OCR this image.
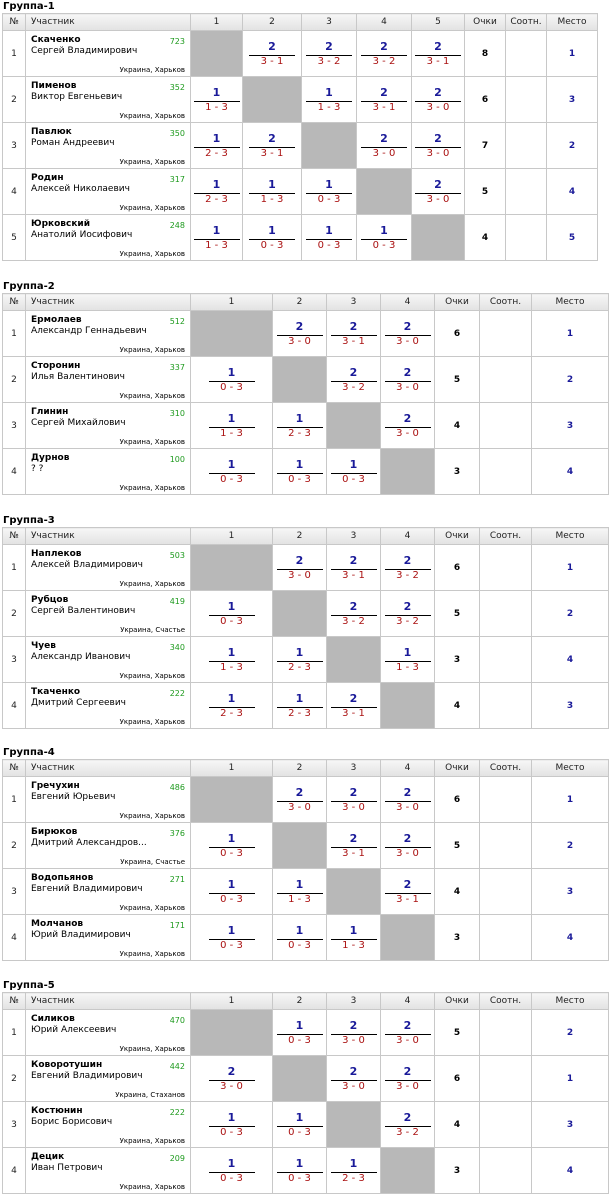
Группа-1
№	Участник	1	2	3	4	5	Очки	Соотн.	Место
1	Скаченко 723
Сергей Владимирович
Украина, Харьков		2
3 - 1	2
3 - 2	2
3 - 2	2
3 - 1	8		1
2	Пименов 352
Виктор Евгеньевич
Украина, Харьков	1
1 - 3		1
1 - 3	2
3 - 1	2
3 - 0	6		3
3	Павлюк 350
Роман Андреевич
Украина, Харьков	1
2 - 3	2
3 - 1		2
3 - 0	2
3 - 0	7		2
4	Родин 317
Алексей Николаевич
Украина, Харьков	1
2 - 3	1
1 - 3	1
0 - 3		2
3 - 0	5		4
5	Юрковский 248
Анатолий Иосифович
Украина, Харьков	1
1 - 3	1
0 - 3	1
0 - 3	1
0 - 3		4		5
Группа-2
№	Участник	1	2	3	4	Очки	Соотн.	Место
1	Ермолаев 512
Александр Геннадьевич
Украина, Харьков		2
3 - 0	2
3 - 1	2
3 - 0	6		1
2	Сторонин 337
Илья Валентинович
Украина, Харьков	1
0 - 3		2
3 - 2	2
3 - 0	5		2
3	Глинин 310
Сергей Михайлович
Украина, Харьков	1
1 - 3	1
2 - 3		2
3 - 0	4		3
4	Дурнов 100
? ?
Украина, Харьков	1
0 - 3	1
0 - 3	1
0 - 3		3		4
Группа-3
№	Участник	1	2	3	4	Очки	Соотн.	Место
1	Наплеков 503
Алексей Владимирович
Украина, Харьков		2
3 - 0	2
3 - 1	2
3 - 2	6		1
2	Рубцов 419
Сергей Валентинович
Украина, Счастье	1
0 - 3		2
3 - 2	2
3 - 2	5		2
3	Чуев 340
Александр Иванович
Украина, Харьков	1
1 - 3	1
2 - 3		1
1 - 3	3		4
4	Ткаченко 222
Дмитрий Сергеевич
Украина, Харьков	1
2 - 3	1
2 - 3	2
3 - 1		4		3
Группа-4
№	Участник	1	2	3	4	Очки	Соотн.	Место
1	Гречухин 486
Евгений Юрьевич
Украина, Харьков		2
3 - 0	2
3 - 0	2
3 - 0	6		1
2	Бирюков 376
Дмитрий Александров...
Украина, Счастье	1
0 - 3		2
3 - 1	2
3 - 0	5		2
3	Водопьянов 271
Евгений Владимирович
Украина, Харьков	1
0 - 3	1
1 - 3		2
3 - 1	4		3
4	Молчанов 171
Юрий Владимирович
Украина, Харьков	1
0 - 3	1
0 - 3	1
1 - 3		3		4
Группа-5
№	Участник	1	2	3	4	Очки	Соотн.	Место
1	Силиков 470
Юрий Алексеевич
Украина, Харьков		1
0 - 3	2
3 - 0	2
3 - 0	5		2
2	Коворотушин 442
Евгений Владимирович
Украина, Стаханов	2
3 - 0		2
3 - 0	2
3 - 0	6		1
3	Костюнин 222
Борис Борисович
Украина, Харьков	1
0 - 3	1
0 - 3		2
3 - 2	4		3
4	Децик 209
Иван Петрович
Украина, Харьков	1
0 - 3	1
0 - 3	1
2 - 3		3		4
